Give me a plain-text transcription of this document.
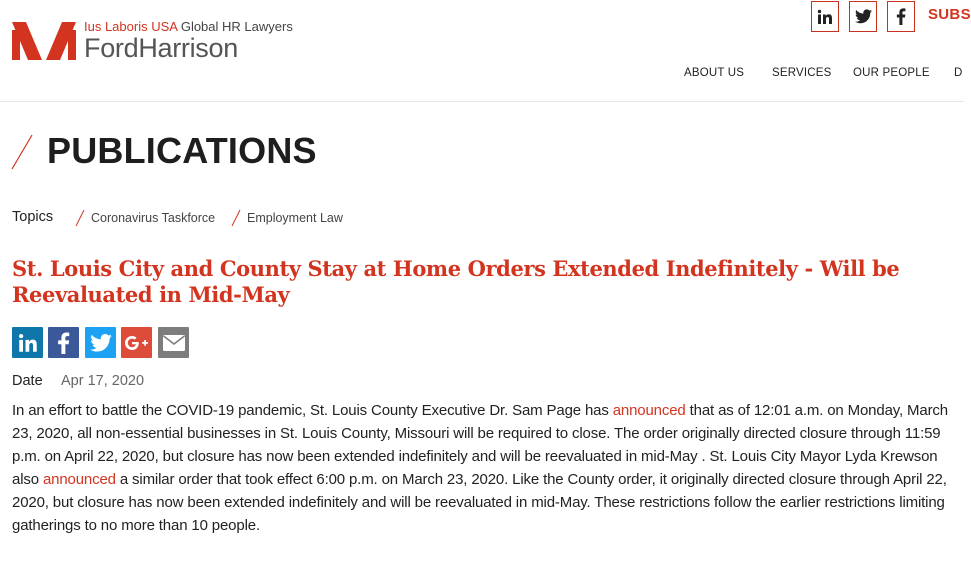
Ius Laboris USA Global HR Lawyers
FordHarrison
SUBS
ABOUT US SERVICES OUR PEOPLE D
PUBLICATIONS
Topics	Coronavirus Taskforce	Employment Law
St. Louis City and County Stay at Home Orders Extended Indefinitely - Will be
Reevaluated in Mid-May
Date Apr 17, 2020

In an effort to battle the COVID-19 pandemic, St. Louis County Executive Dr. Sam Page has announced that as of 12:01 a.m. on Monday, March 23, 2020, all non-essential businesses in St. Louis County, Missouri will be required to close. The order originally directed closure through 11:59 p.m. on April 22, 2020, but closure has now been extended indefinitely and will be reevaluated in mid-May . St. Louis City Mayor Lyda Krewson also announced a similar order that took effect 6:00 p.m. on March 23, 2020. Like the County order, it originally directed closure through April 22, 2020, but closure has now been extended indefinitely and will be reevaluated in mid-May. These restrictions follow the earlier restrictions limiting gatherings to no more than 10 people.
